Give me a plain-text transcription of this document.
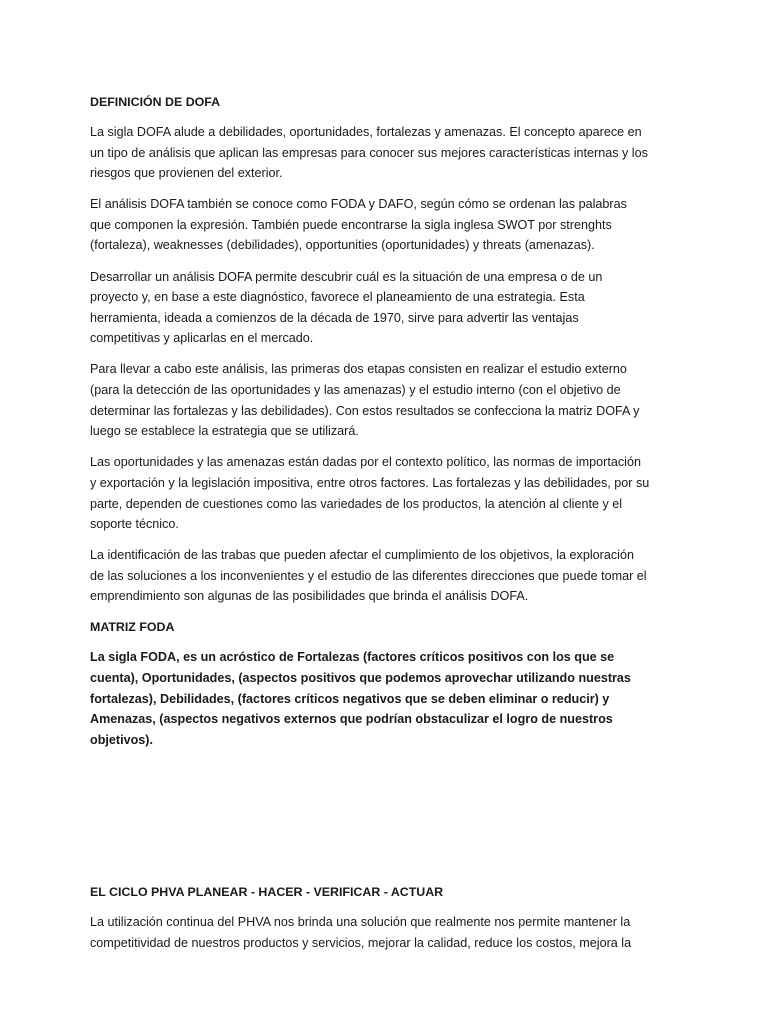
DEFINICIÓN DE DOFA

La sigla DOFA alude a debilidades, oportunidades, fortalezas y amenazas. El concepto aparece en un tipo de análisis que aplican las empresas para conocer sus mejores características internas y los riesgos que provienen del exterior.

El análisis DOFA también se conoce como FODA y DAFO, según cómo se ordenan las palabras que componen la expresión. También puede encontrarse la sigla inglesa SWOT por strenghts (fortaleza), weaknesses (debilidades), opportunities (oportunidades) y threats (amenazas).

Desarrollar un análisis DOFA permite descubrir cuál es la situación de una empresa o de un proyecto y, en base a este diagnóstico, favorece el planeamiento de una estrategia. Esta herramienta, ideada a comienzos de la década de 1970, sirve para advertir las ventajas competitivas y aplicarlas en el mercado.

Para llevar a cabo este análisis, las primeras dos etapas consisten en realizar el estudio externo (para la detección de las oportunidades y las amenazas) y el estudio interno (con el objetivo de determinar las fortalezas y las debilidades). Con estos resultados se confecciona la matriz DOFA y luego se establece la estrategia que se utilizará.

Las oportunidades y las amenazas están dadas por el contexto político, las normas de importación y exportación y la legislación impositiva, entre otros factores. Las fortalezas y las debilidades, por su parte, dependen de cuestiones como las variedades de los productos, la atención al cliente y el soporte técnico.

La identificación de las trabas que pueden afectar el cumplimiento de los objetivos, la exploración de las soluciones a los inconvenientes y el estudio de las diferentes direcciones que puede tomar el emprendimiento son algunas de las posibilidades que brinda el análisis DOFA.

MATRIZ FODA

La sigla FODA, es un acróstico de Fortalezas (factores críticos positivos con los que se cuenta), Oportunidades, (aspectos positivos que podemos aprovechar utilizando nuestras fortalezas), Debilidades, (factores críticos negativos que se deben eliminar o reducir) y Amenazas, (aspectos negativos externos que podrían obstaculizar el logro de nuestros objetivos).

EL CICLO PHVA PLANEAR - HACER - VERIFICAR - ACTUAR

La utilización continua del PHVA nos brinda una solución que realmente nos permite mantener la competitividad de nuestros productos y servicios, mejorar la calidad, reduce los costos, mejora la
